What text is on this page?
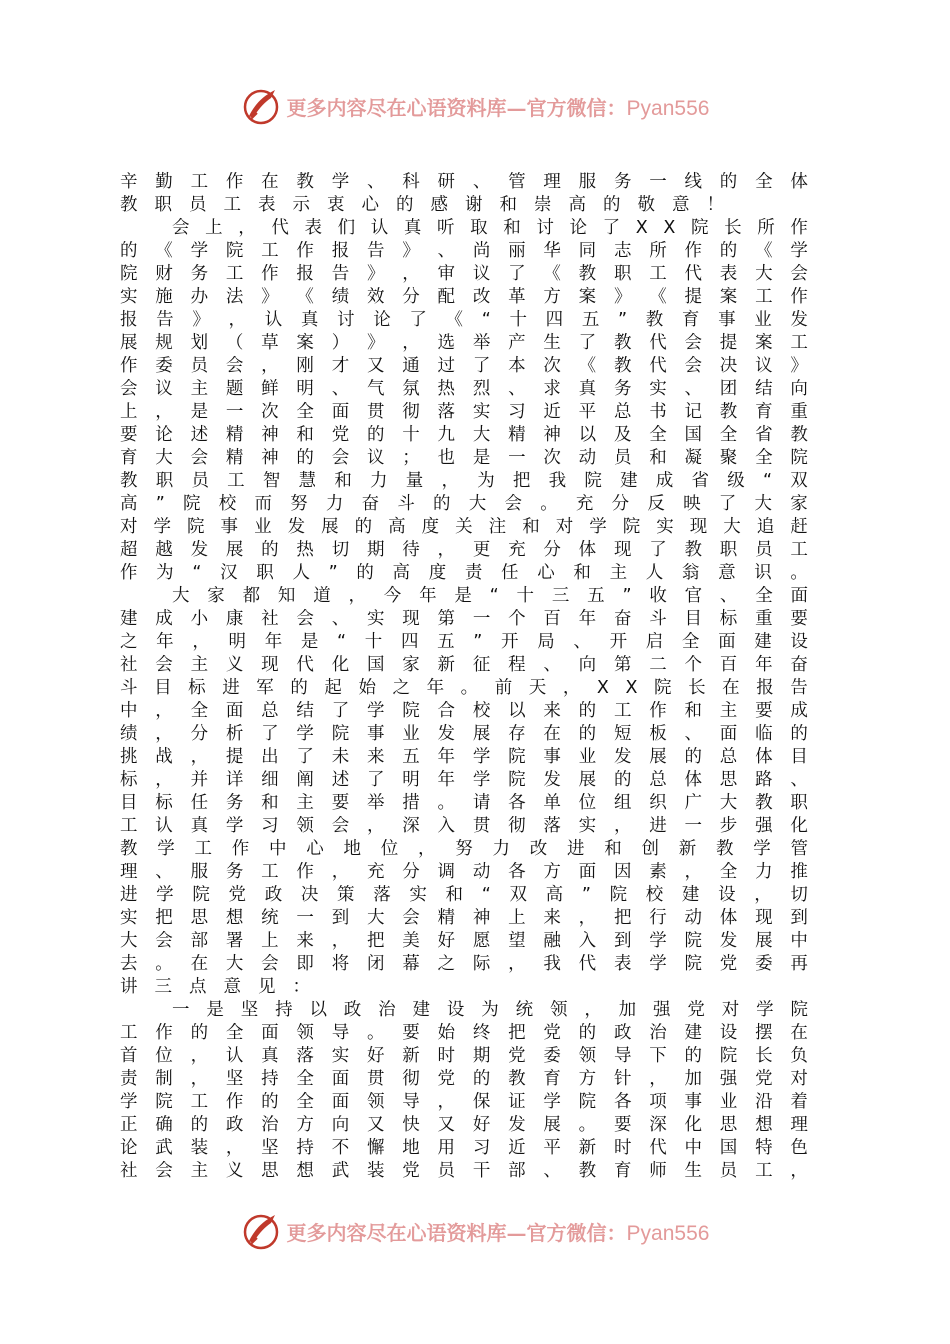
更多内容尽在心语资料库—官方微信：Pyan556
辛 勤 工 作 在 教 学 、 科 研 、 管 理 服 务 一 线 的 全 体
教职员工表示衷心的感谢和崇高的敬意！
会 上 ， 代 表 们 认 真 听 取 和 讨 论 了 X X 院 长 所 作
的 《 学 院 工 作 报 告 》 、 尚 丽 华 同 志 所 作 的 《 学
院 财 务 工 作 报 告 》 ， 审 议 了 《 教 职 工 代 表 大 会
实 施 办 法 》 《 绩 效 分 配 改 革 方 案 》 《 提 案 工 作
报 告 》 ， 认 真 讨 论 了 《 “ 十 四 五 ” 教 育 事 业 发
展 规 划 （ 草 案 ） 》 ， 选 举 产 生 了 教 代 会 提 案 工
作 委 员 会 ， 刚 才 又 通 过 了 本 次 《 教 代 会 决 议 》
会 议 主 题 鲜 明 、 气 氛 热 烈 、 求 真 务 实 、 团 结 向
上 ， 是 一 次 全 面 贯 彻 落 实 习 近 平 总 书 记 教 育 重
要 论 述 精 神 和 党 的 十 九 大 精 神 以 及 全 国 全 省 教
育 大 会 精 神 的 会 议 ； 也 是 一 次 动 员 和 凝 聚 全 院
教 职 员 工 智 慧 和 力 量 ， 为 把 我 院 建 成 省 级 “ 双
高 ” 院 校 而 努 力 奋 斗 的 大 会 。 充 分 反 映 了 大 家
对 学 院 事 业 发 展 的 高 度 关 注 和 对 学 院 实 现 大 追 赶
超 越 发 展 的 热 切 期 待 ， 更 充 分 体 现 了 教 职 员 工
作 为 “ 汉 职 人 ” 的 高 度 责 任 心 和 主 人 翁 意 识 。
大 家 都 知 道 ， 今 年 是 “ 十 三 五 ” 收 官 、 全 面
建 成 小 康 社 会 、 实 现 第 一 个 百 年 奋 斗 目 标 重 要
之 年 ， 明 年 是 “ 十 四 五 ” 开 局 、 开 启 全 面 建 设
社 会 主 义 现 代 化 国 家 新 征 程 、 向 第 二 个 百 年 奋
斗 目 标 进 军 的 起 始 之 年 。 前 天 ， X X 院 长 在 报 告
中 ， 全 面 总 结 了 学 院 合 校 以 来 的 工 作 和 主 要 成
绩 ， 分 析 了 学 院 事 业 发 展 存 在 的 短 板 、 面 临 的
挑 战 ， 提 出 了 未 来 五 年 学 院 事 业 发 展 的 总 体 目
标 ， 并 详 细 阐 述 了 明 年 学 院 发 展 的 总 体 思 路 、
目 标 任 务 和 主 要 举 措 。 请 各 单 位 组 织 广 大 教 职
工 认 真 学 习 领 会 ， 深 入 贯 彻 落 实 ， 进 一 步 强 化
教 学 工 作 中 心 地 位 ， 努 力 改 进 和 创 新 教 学 管
理 、 服 务 工 作 ， 充 分 调 动 各 方 面 因 素 ， 全 力 推
进 学 院 党 政 决 策 落 实 和 “ 双 高 ” 院 校 建 设 ， 切
实 把 思 想 统 一 到 大 会 精 神 上 来 ， 把 行 动 体 现 到
大 会 部 署 上 来 ， 把 美 好 愿 望 融 入 到 学 院 发 展 中
去 。 在 大 会 即 将 闭 幕 之 际 ， 我 代 表 学 院 党 委 再
讲三点意见：
一 是 坚 持 以 政 治 建 设 为 统 领 ， 加 强 党 对 学 院
工 作 的 全 面 领 导 。 要 始 终 把 党 的 政 治 建 设 摆 在
首 位 ， 认 真 落 实 好 新 时 期 党 委 领 导 下 的 院 长 负
责 制 ， 坚 持 全 面 贯 彻 党 的 教 育 方 针 ， 加 强 党 对
学 院 工 作 的 全 面 领 导 ， 保 证 学 院 各 项 事 业 沿 着
正 确 的 政 治 方 向 又 快 又 好 发 展 。 要 深 化 思 想 理
论 武 装 ， 坚 持 不 懈 地 用 习 近 平 新 时 代 中 国 特 色
社 会 主 义 思 想 武 装 党 员 干 部 、 教 育 师 生 员 工 ，
更多内容尽在心语资料库—官方微信：Pyan556
